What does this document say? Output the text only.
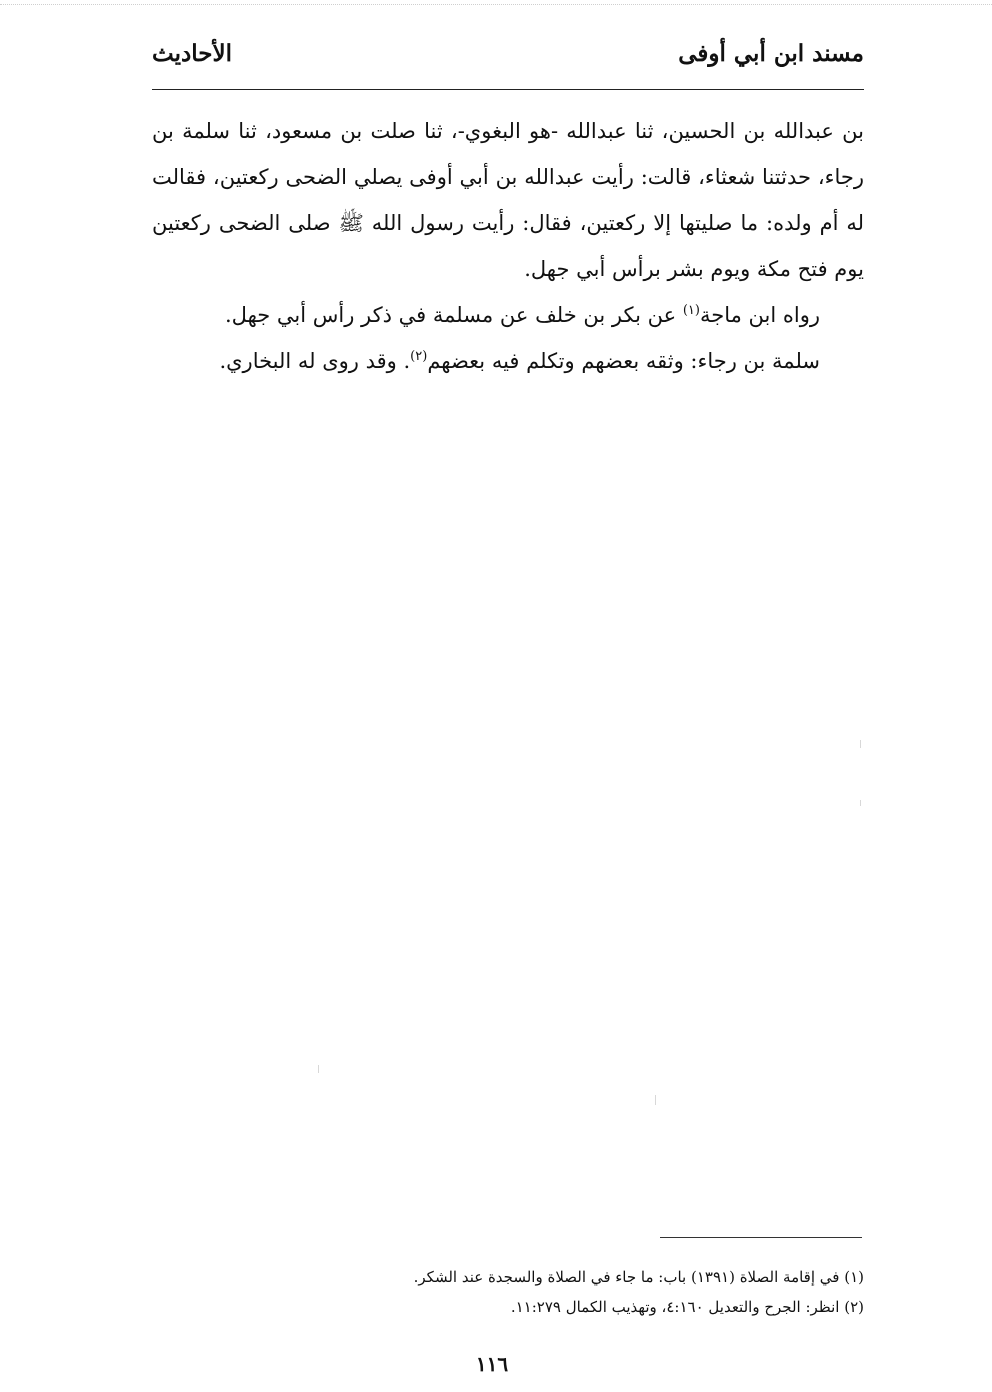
مسند ابن أبي أوفى
الأحاديث

بن عبدالله بن الحسين، ثنا عبدالله -هو البغوي-، ثنا صلت بن مسعود، ثنا سلمة بن رجاء، حدثتنا شعثاء، قالت: رأيت عبدالله بن أبي أوفى يصلي الضحى ركعتين، فقالت له أم ولده: ما صليتها إلا ركعتين، فقال: رأيت رسول الله ﷺ صلى الضحى ركعتين يوم فتح مكة ويوم بشر برأس أبي جهل.

رواه ابن ماجة$^{(١)}$ عن بكر بن خلف عن مسلمة في ذكر رأس أبي جهل.

سلمة بن رجاء: وثقه بعضهم وتكلم فيه بعضهم$^{(٢)}$. وقد روى له البخاري.

(١) في إقامة الصلاة (١٣٩١) باب: ما جاء في الصلاة والسجدة عند الشكر.

(٢) انظر: الجرح والتعديل ٤:١٦٠، وتهذيب الكمال ١١:٢٧٩.

١١٦
